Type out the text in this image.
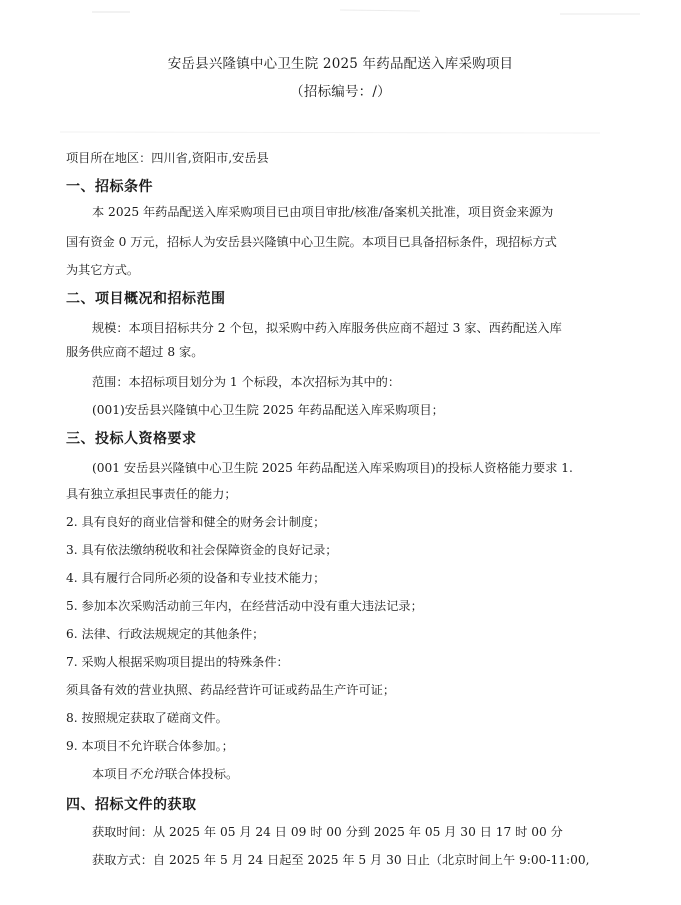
安岳县兴隆镇中心卫生院 2025 年药品配送入库采购项目
（招标编号：/）
项目所在地区：四川省,资阳市,安岳县
一、招标条件
本 2025 年药品配送入库采购项目已由项目审批/核准/备案机关批准，项目资金来源为
国有资金 0 万元，招标人为安岳县兴隆镇中心卫生院。本项目已具备招标条件，现招标方式
为其它方式。
二、项目概况和招标范围
规模：本项目招标共分 2 个包，拟采购中药入库服务供应商不超过 3 家、西药配送入库
服务供应商不超过 8 家。
范围：本招标项目划分为 1 个标段，本次招标为其中的：
(001)安岳县兴隆镇中心卫生院 2025 年药品配送入库采购项目；
三、投标人资格要求
(001 安岳县兴隆镇中心卫生院 2025 年药品配送入库采购项目)的投标人资格能力要求 1.
具有独立承担民事责任的能力；
2. 具有良好的商业信誉和健全的财务会计制度；
3. 具有依法缴纳税收和社会保障资金的良好记录；
4. 具有履行合同所必须的设备和专业技术能力；
5. 参加本次采购活动前三年内，在经营活动中没有重大违法记录；
6. 法律、行政法规规定的其他条件；
7. 采购人根据采购项目提出的特殊条件：
须具备有效的营业执照、药品经营许可证或药品生产许可证；
8. 按照规定获取了磋商文件。
9. 本项目不允许联合体参加。；
本项目不允许联合体投标。
四、招标文件的获取
获取时间：从 2025 年 05 月 24 日 09 时 00 分到 2025 年 05 月 30 日 17 时 00 分
获取方式：自 2025 年 5 月 24 日起至 2025 年 5 月 30 日止（北京时间上午 9:00-11:00,
